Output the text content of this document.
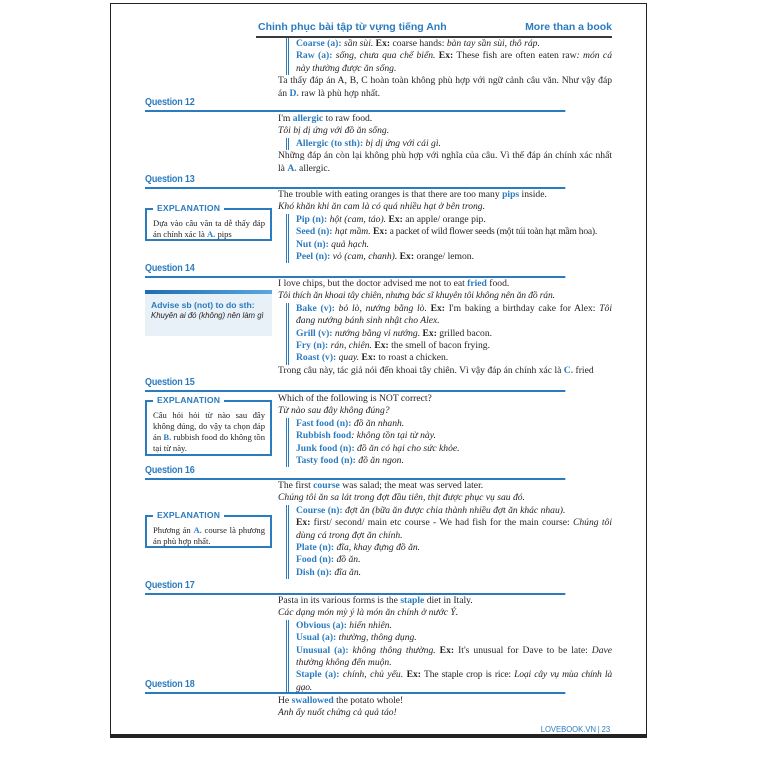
Chinh phục bài tập từ vựng tiếng Anh	More than a book

Coarse (a): sần sùi. Ex: coarse hands: bàn tay sần sùi, thô ráp.
Raw (a): sống, chưa qua chế biến. Ex: These fish are often eaten raw: món cá này thường được ăn sống.

Ta thấy đáp án A, B, C hoàn toàn không phù hợp với ngữ cảnh câu văn. Như vậy đáp án D. raw là phù hợp nhất.

Question 12

I'm allergic to raw food.

Tôi bị dị ứng với đồ ăn sống.

Allergic (to sth): bị dị ứng với cái gì.

Những đáp án còn lại không phù hợp với nghĩa của câu. Vì thế đáp án chính xác nhất là A. allergic.

Question 13

The trouble with eating oranges is that there are too many pips inside.

Khó khăn khi ăn cam là có quá nhiều hạt ở bên trong.

Pip (n): hột (cam, táo). Ex: an apple/ orange pip.
Seed (n): hạt mầm. Ex: a packet of wild flower seeds (một túi toàn hạt mầm hoa).
Nut (n): quả hạch.
Peel (n): vỏ (cam, chanh). Ex: orange/ lemon.

EXPLANATION
Dựa vào câu văn ta dễ thấy đáp án chính xác là A. pips
Question 14

I love chips, but the doctor advised me not to eat fried food.

Tôi thích ăn khoai tây chiên, nhưng bác sĩ khuyên tôi không nên ăn đồ rán.

Bake (v): bỏ lò, nướng bằng lò. Ex: I'm baking a birthday cake for Alex: Tôi đang nướng bánh sinh nhật cho Alex.
Grill (v): nướng bằng vỉ nướng. Ex: grilled bacon.
Fry (n): rán, chiên. Ex: the smell of bacon frying.
Roast (v): quay. Ex: to roast a chicken.

Trong câu này, tác giả nói đến khoai tây chiên. Vì vậy đáp án chính xác là C. fried

Advise sb (not) to do sth:
Khuyên ai đó (không) nên làm gì
Question 15

Which of the following is NOT correct?

Từ nào sau đây không đúng?

Fast food (n): đồ ăn nhanh.
Rubbish food: không tồn tại từ này.
Junk food (n): đồ ăn có hại cho sức khỏe.
Tasty food (n): đồ ăn ngon.

EXPLANATION
Câu hỏi hỏi từ nào sau đây không đúng, do vậy ta chọn đáp án B. rubbish food do không tồn tại từ này.
Question 16

The first course was salad; the meat was served later.

Chúng tôi ăn sa lát trong đợt đầu tiên, thịt được phục vụ sau đó.

Course (n): đợt ăn (bữa ăn được chia thành nhiều đợt ăn khác nhau).
Ex: first/ second/ main etc course - We had fish for the main course: Chúng tôi dùng cá trong đợt ăn chính.
Plate (n): đĩa, khay đựng đồ ăn.
Food (n): đồ ăn.
Dish (n): đĩa ăn.

EXPLANATION
Phương án A. course là phương án phù hợp nhất.
Question 17

Pasta in its various forms is the staple diet in Italy.

Các dạng món mỳ ý là món ăn chính ở nước Ý.

Obvious (a): hiển nhiên.
Usual (a): thường, thông dụng.
Unusual (a): không thông thường. Ex: It's unusual for Dave to be late: Dave thường không đến muộn.
Staple (a): chính, chủ yếu. Ex: The staple crop is rice: Loại cây vụ mùa chính là gạo.

Question 18

He swallowed the potato whole!

Anh ấy nuốt chửng cả quả táo!

LOVEBOOK.VN | 23
